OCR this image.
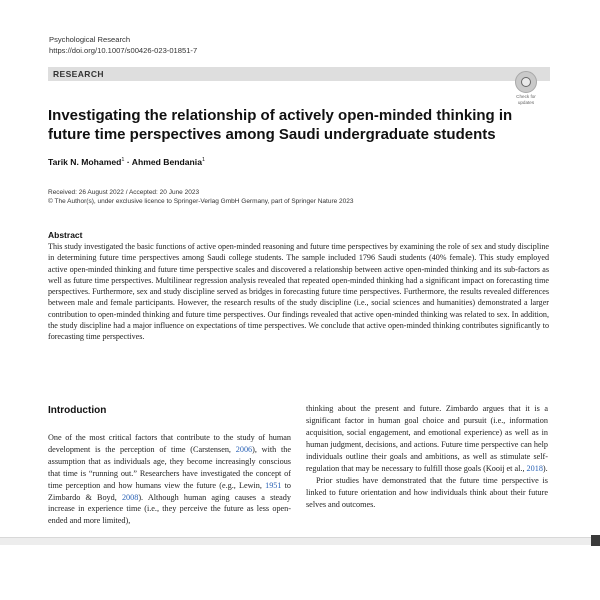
Psychological Research
https://doi.org/10.1007/s00426-023-01851-7
RESEARCH
Check for
updates
Investigating the relationship of actively open-minded thinking in future time perspectives among Saudi undergraduate students
Tarik N. Mohamed$^1$ · Ahmed Bendania$^1$
Received: 26 August 2022 / Accepted: 20 June 2023
© The Author(s), under exclusive licence to Springer-Verlag GmbH Germany, part of Springer Nature 2023
Abstract
This study investigated the basic functions of active open-minded reasoning and future time perspectives by examining the role of sex and study discipline in determining future time perspectives among Saudi college students. The sample included 1796 Saudi students (40% female). This study employed active open-minded thinking and future time perspective scales and discovered a relationship between active open-minded thinking and its sub-factors as well as future time perspectives. Multilinear regression analysis revealed that repeated open-minded thinking had a significant impact on forecasting time perspectives. Furthermore, sex and study discipline served as bridges in forecasting future time perspectives. Furthermore, the results revealed differences between male and female participants. However, the research results of the study discipline (i.e., social sciences and humanities) demonstrated a larger contribution to open-minded thinking and future time perspectives. Our findings revealed that active open-minded thinking was related to sex. In addition, the study discipline had a major influence on expectations of time perspectives. We conclude that active open-minded thinking contributes significantly to forecasting time perspectives.
Introduction
One of the most critical factors that contribute to the study of human development is the perception of time (Carstensen, 2006), with the assumption that as individuals age, they become increasingly conscious that time is “running out.” Researchers have investigated the concept of time perception and how humans view the future (e.g., Lewin, 1951 to Zimbardo & Boyd, 2008). Although human aging causes a steady increase in experience time (i.e., they perceive the future as less open-ended and more limited),

thinking about the present and future. Zimbardo argues that it is a significant factor in human goal choice and pursuit (i.e., information acquisition, social engagement, and emotional experience) as well as in human judgment, decisions, and actions. Future time perspective can help individuals outline their goals and ambitions, as well as stimulate self-regulation that may be necessary to fulfill those goals (Kooij et al., 2018).

Prior studies have demonstrated that the future time perspective is linked to future orientation and how individuals think about their future selves and outcomes.
